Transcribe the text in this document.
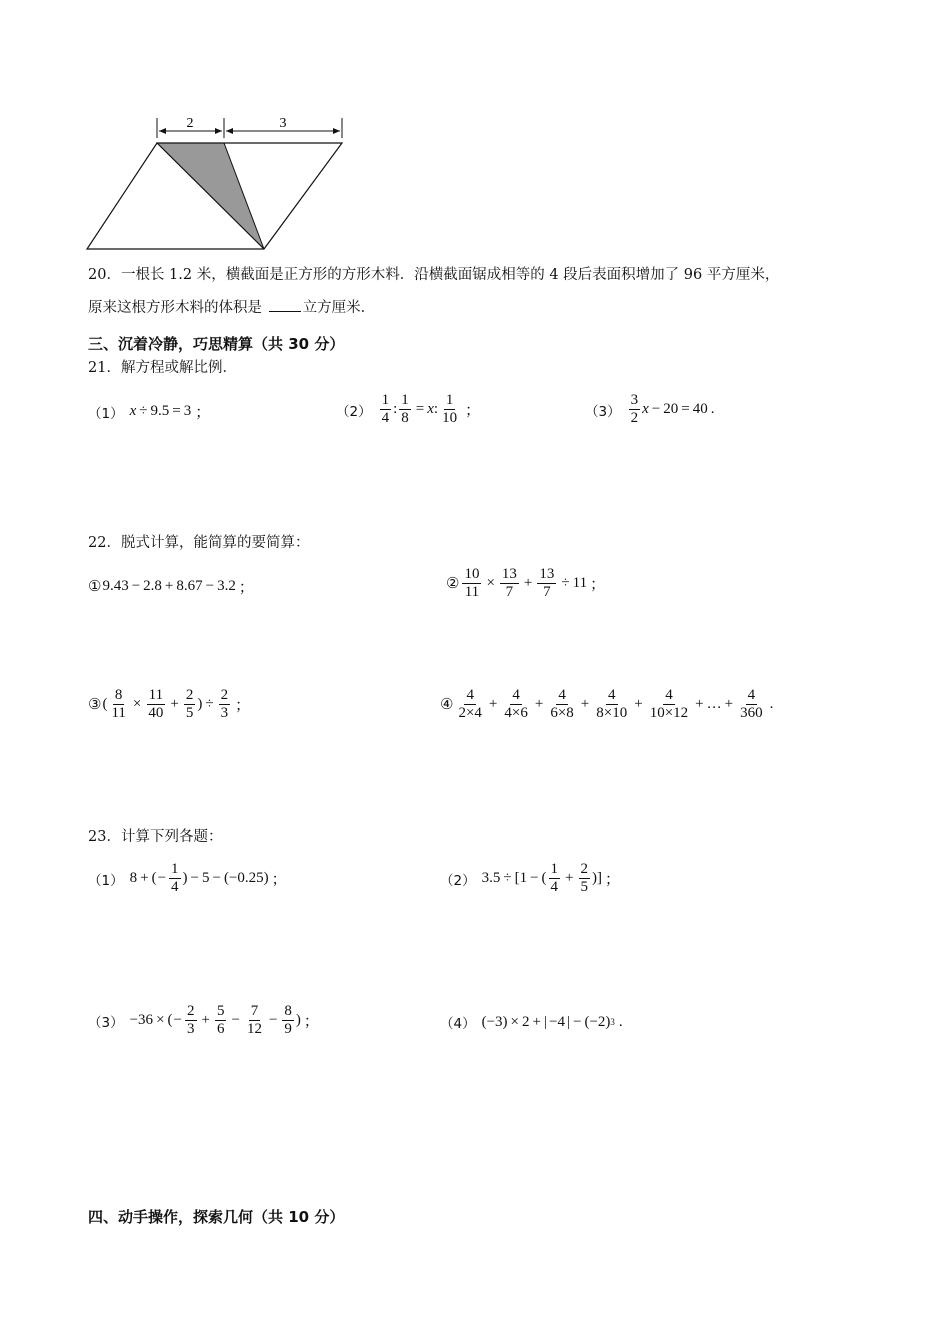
2	3
20．一根长 1.2 米，横截面是正方形的方形木料．沿横截面锯成相等的 4 段后表面积增加了 96 平方厘米，
原来这根方形木料的体积是 立方厘米．
三、沉着冷静，巧思精算（共 30 分）
21．解方程或解比例．
（1） x ÷ 9.5 = 3 ；	$(2) \frac{1}{4}$ : $\frac{1}{8} = x$ : $\frac{1}{10}$ ；	$(3) \frac{3}{2}$ x − 20 = 40 .
22．脱式计算，能简算的要简算：
① 9.43 − 2.8 + 8.67 − 3.2 ；	② $\frac{10}{11} \times \frac{13}{7} + \frac{13}{7} \div 11$ ；
③ ( $\frac{8}{11} \times \frac{11}{40} + \frac{2}{5}$ ) ÷ $\frac{2}{3}$ ；	④ $\frac{4}{2\times 4} + \frac{4}{4\times 6} + \frac{4}{6\times 8} + \frac{4}{8\times 10} + \frac{4}{10\times 12}$ + … + $\frac{4}{360}$ .
23．计算下列各题：
（1） 8 + ( − $\frac{1}{4}$ ) − 5 − (−0.25) ；	（2） 3.5 ÷ [1 − ( $\frac{1}{4} + \frac{2}{5}$ )] ；
（3） −36 × ( − $\frac{2}{3} + \frac{5}{6} - \frac{7}{12} - \frac{8}{9}$ ) ；	（4） (−3) × 2 + | −4 | − (−2) 3 .
四、动手操作，探索几何（共 10 分）
